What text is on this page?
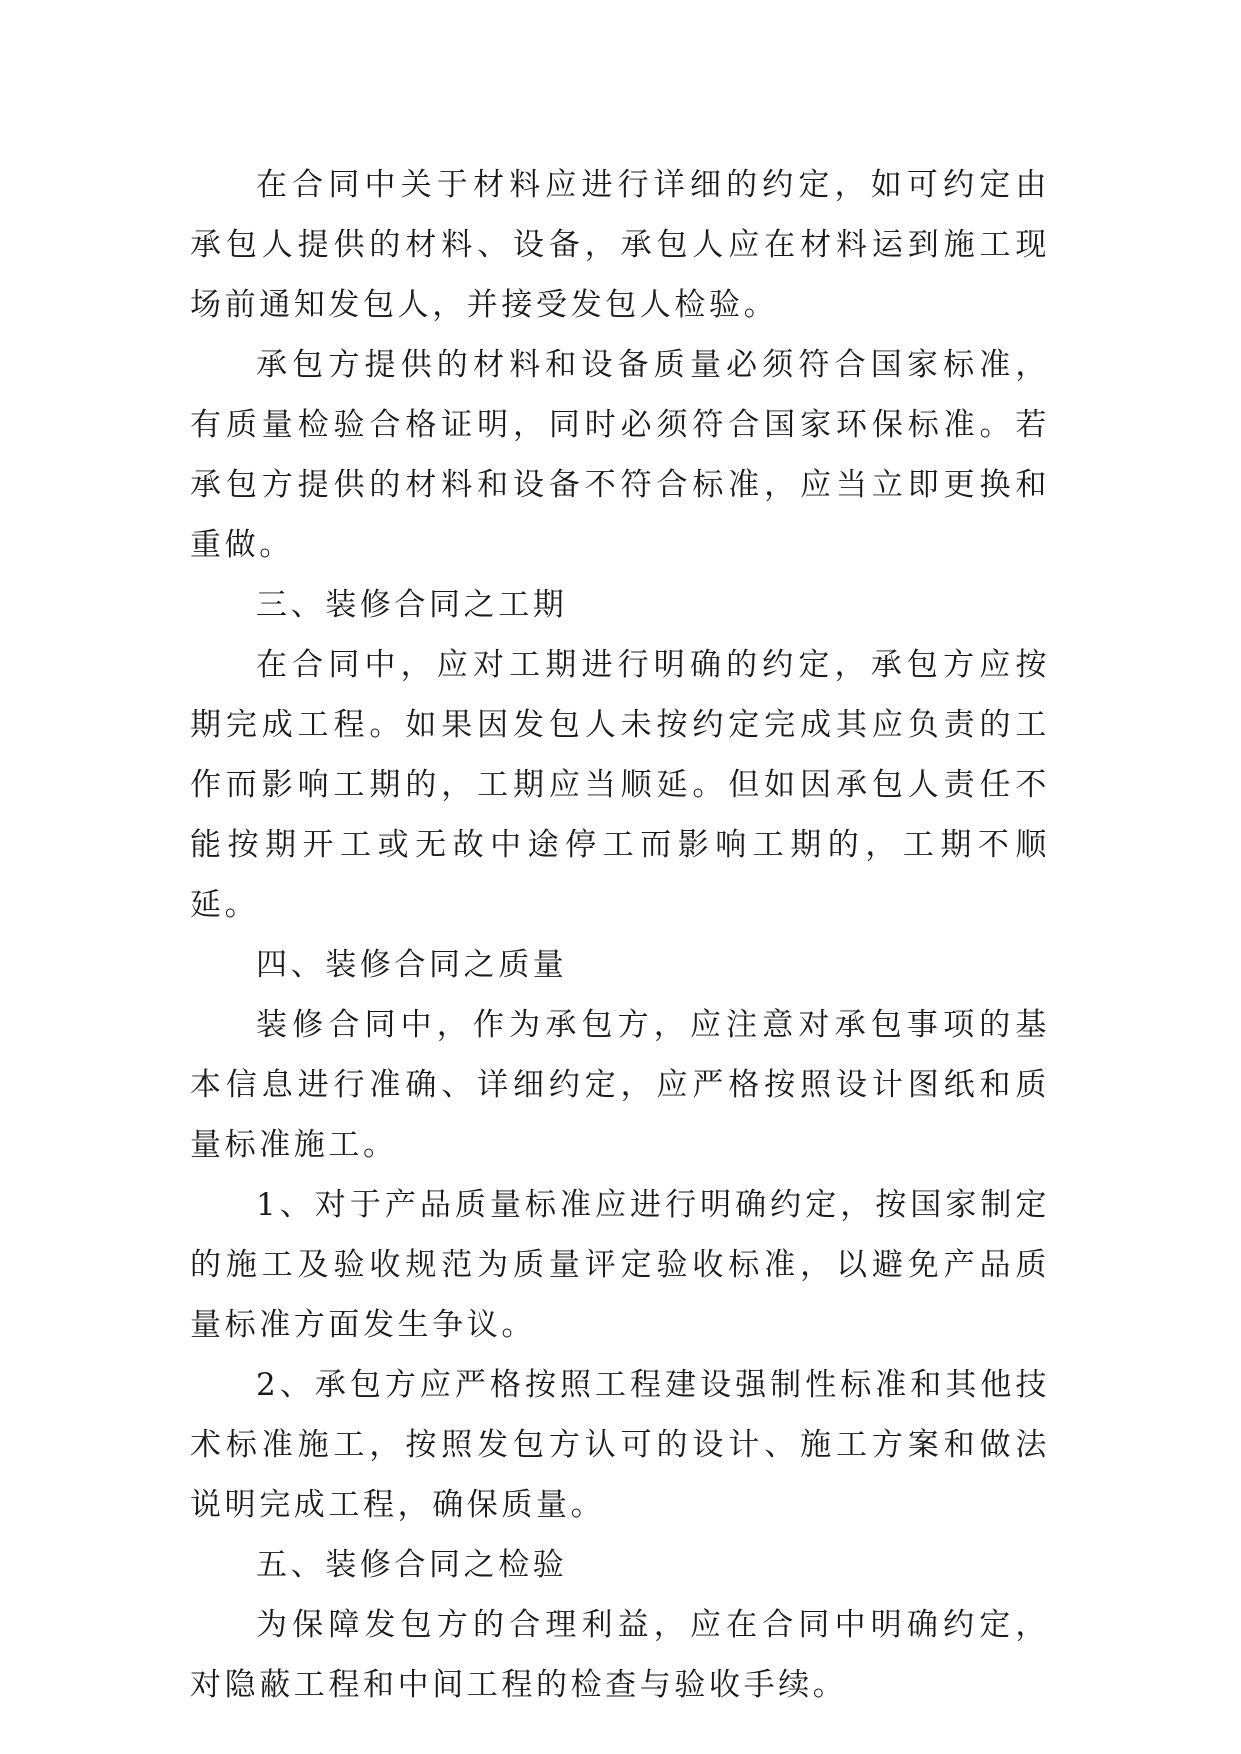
在合同中关于材料应进行详细的约定，如可约定由承包人提供的材料、设备，承包人应在材料运到施工现场前通知发包人，并接受发包人检验。

承包方提供的材料和设备质量必须符合国家标准，有质量检验合格证明，同时必须符合国家环保标准。若承包方提供的材料和设备不符合标准，应当立即更换和重做。

三、装修合同之工期

在合同中，应对工期进行明确的约定，承包方应按期完成工程。如果因发包人未按约定完成其应负责的工作而影响工期的，工期应当顺延。但如因承包人责任不能按期开工或无故中途停工而影响工期的，工期不顺延。

四、装修合同之质量

装修合同中，作为承包方，应注意对承包事项的基本信息进行准确、详细约定，应严格按照设计图纸和质量标准施工。

1、对于产品质量标准应进行明确约定，按国家制定的施工及验收规范为质量评定验收标准，以避免产品质量标准方面发生争议。

2、承包方应严格按照工程建设强制性标准和其他技术标准施工，按照发包方认可的设计、施工方案和做法说明完成工程，确保质量。

五、装修合同之检验

为保障发包方的合理利益，应在合同中明确约定，对隐蔽工程和中间工程的检查与验收手续。
